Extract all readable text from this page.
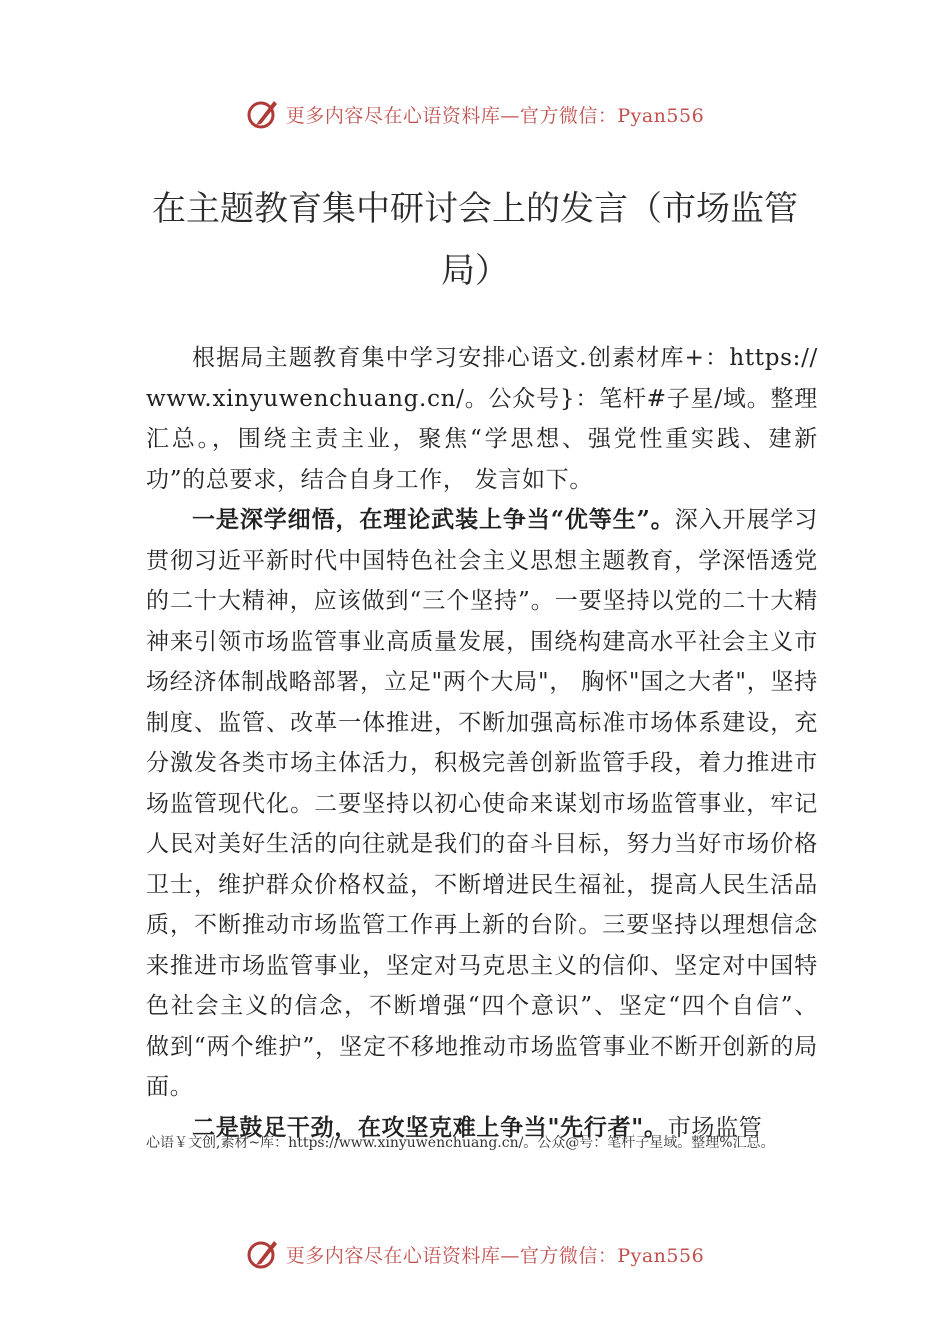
更多内容尽在心语资料库—官方微信：Pyan556
在主题教育集中研讨会上的发言（市场监管局）

根据局主题教育集中学习安排心语文.创素材库+：https://www.xinyuwenchuang.cn/。公众号}：笔杆#子星/域。整理汇总。，围绕主责主业，聚焦“学思想、强党性重实践、建新功”的总要求，结合自身工作， 发言如下。

一是深学细悟，在理论武装上争当“优等生”。深入开展学习贯彻习近平新时代中国特色社会主义思想主题教育，学深悟透党的二十大精神，应该做到“三个坚持”。一要坚持以党的二十大精神来引领市场监管事业高质量发展，围绕构建高水平社会主义市场经济体制战略部署，立足"两个大局"， 胸怀"国之大者"，坚持制度、监管、改革一体推进，不断加强高标准市场体系建设，充分激发各类市场主体活力，积极完善创新监管手段，着力推进市场监管现代化。二要坚持以初心使命来谋划市场监管事业，牢记人民对美好生活的向往就是我们的奋斗目标，努力当好市场价格卫士，维护群众价格权益，不断增进民生福祉，提高人民生活品质，不断推动市场监管工作再上新的台阶。三要坚持以理想信念来推进市场监管事业，坚定对马克思主义的信仰、坚定对中国特色社会主义的信念，不断增强“四个意识”、坚定“四个自信”、 做到“两个维护”，坚定不移地推动市场监管事业不断开创新的局面。

二是鼓足干劲，在攻坚克难上争当"先行者"。市场监管

心语￥文创,素材~库：https://www.xinyuwenchuang.cn/。公众@号：笔杆子星域。整理%汇总。
更多内容尽在心语资料库—官方微信：Pyan556
